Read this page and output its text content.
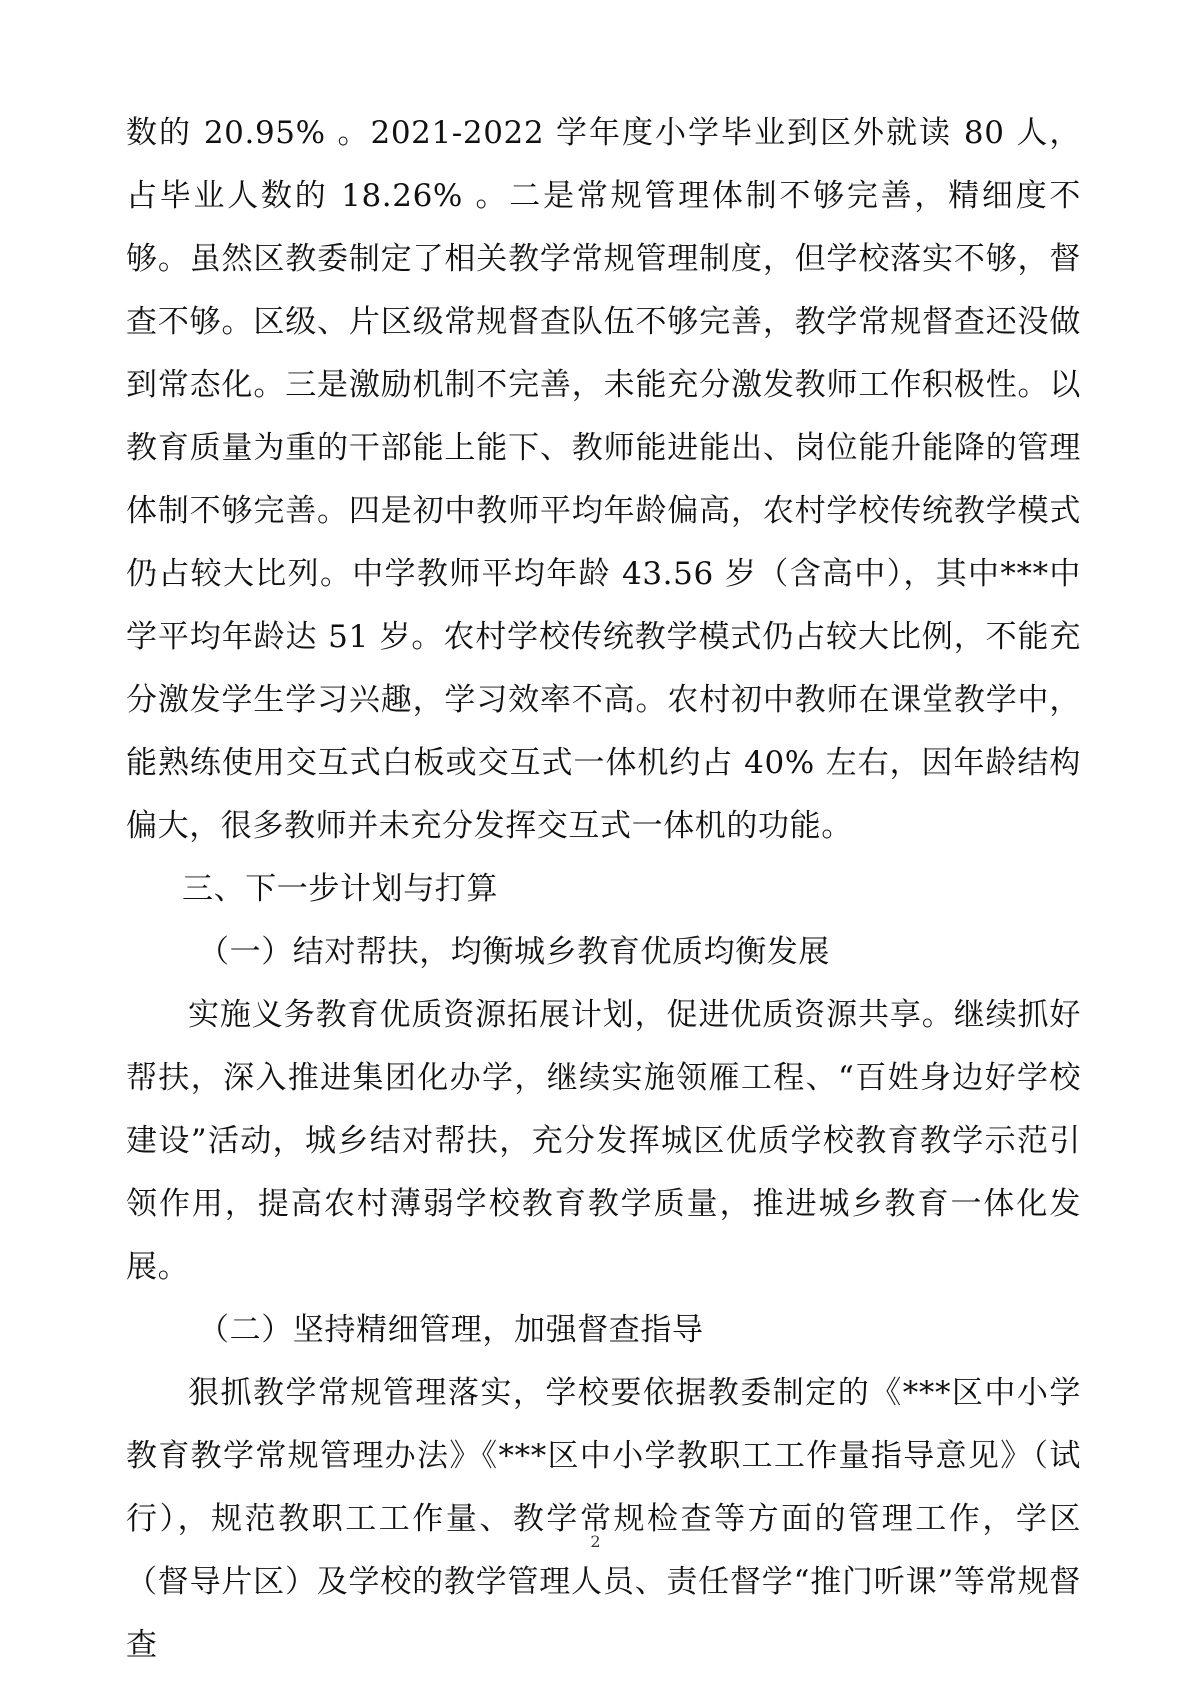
数的 20.95% 。2021-2022 学年度小学毕业到区外就读 80 人，占毕业人数的 18.26% 。二是常规管理体制不够完善，精细度不够。虽然区教委制定了相关教学常规管理制度，但学校落实不够，督查不够。区级、片区级常规督查队伍不够完善，教学常规督查还没做到常态化。三是激励机制不完善，未能充分激发教师工作积极性。以教育质量为重的干部能上能下、教师能进能出、岗位能升能降的管理体制不够完善。四是初中教师平均年龄偏高，农村学校传统教学模式仍占较大比列。中学教师平均年龄 43.56 岁（含高中），其中***中学平均年龄达 51 岁。农村学校传统教学模式仍占较大比例，不能充分激发学生学习兴趣，学习效率不高。农村初中教师在课堂教学中，能熟练使用交互式白板或交互式一体机约占 40% 左右，因年龄结构偏大，很多教师并未充分发挥交互式一体机的功能。

三、下一步计划与打算

（一）结对帮扶，均衡城乡教育优质均衡发展

实施义务教育优质资源拓展计划，促进优质资源共享。继续抓好帮扶，深入推进集团化办学，继续实施领雁工程、“百姓身边好学校建设”活动，城乡结对帮扶，充分发挥城区优质学校教育教学示范引领作用，提高农村薄弱学校教育教学质量，推进城乡教育一体化发展。

（二）坚持精细管理，加强督查指导

狠抓教学常规管理落实，学校要依据教委制定的《***区中小学教育教学常规管理办法》《***区中小学教职工工作量指导意见》（试行），规范教职工工作量、教学常规检查等方面的管理工作，学区（督导片区）及学校的教学管理人员、责任督学“推门听课”等常规督查

2
